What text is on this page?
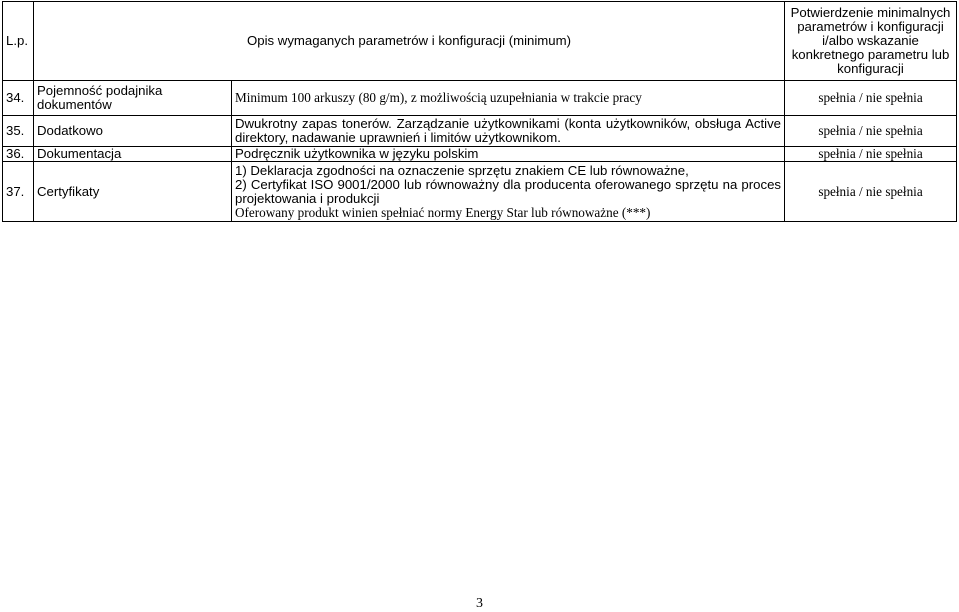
L.p.	Opis wymaganych parametrów i konfiguracji (minimum)		Potwierdzenie minimalnych parametrów i konfiguracji i/albo wskazanie konkretnego parametru lub konfiguracji
34.	Pojemność podajnika dokumentów	Minimum 100 arkuszy (80 g/m), z możliwością uzupełniania w trakcie pracy	spełnia / nie spełnia
35.	Dodatkowo	Dwukrotny zapas tonerów. Zarządzanie użytkownikami (konta użytkowników, obsługa Active direktory, nadawanie uprawnień i limitów użytkownikom.	spełnia / nie spełnia
36.	Dokumentacja	Podręcznik użytkownika w języku polskim	spełnia / nie spełnia
37.	Certyfikaty	1) Deklaracja zgodności na oznaczenie sprzętu znakiem CE lub równoważne,
2) Certyfikat ISO 9001/2000 lub równoważny dla producenta oferowanego sprzętu na proces projektowania i produkcji
Oferowany produkt winien spełniać normy Energy Star lub równoważne (***)	spełnia / nie spełnia
3
